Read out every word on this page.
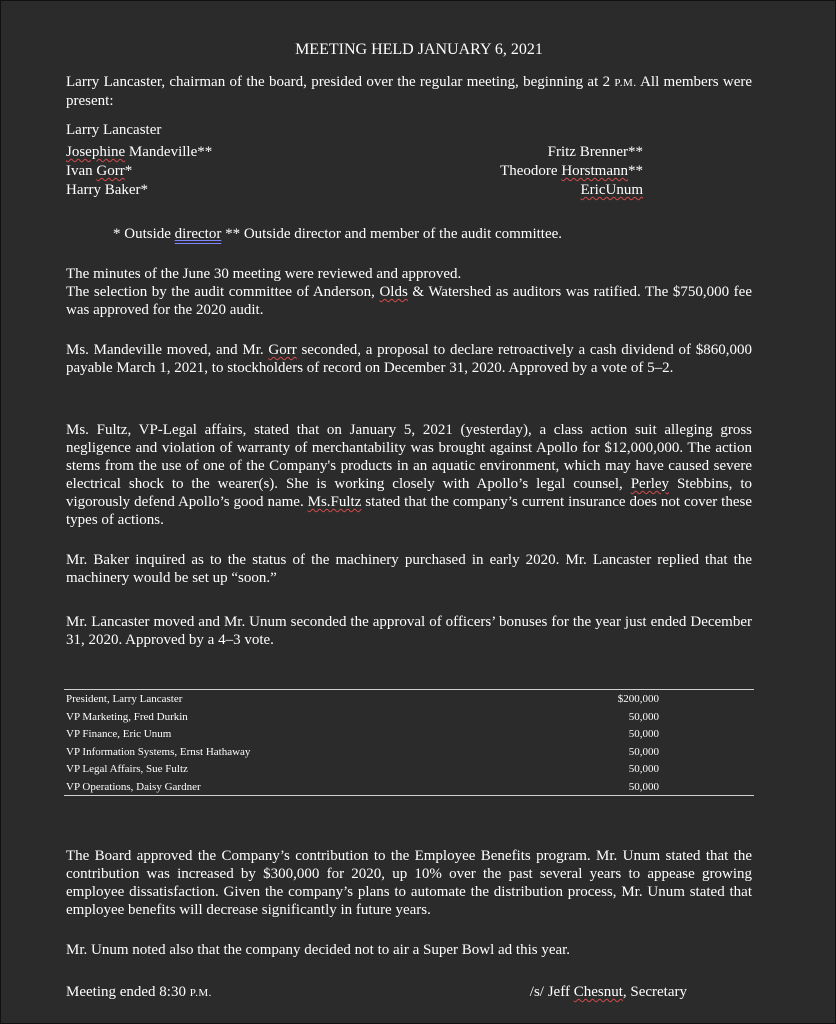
MEETING HELD JANUARY 6, 2021
Larry Lancaster, chairman of the board, presided over the regular meeting, beginning at 2 P.M. All members were present:
Larry Lancaster
Josephine Mandeville**
Ivan Gorr*
Harry Baker*
Fritz Brenner**
Theodore Horstmann**
EricUnum
* Outside director ** Outside director and member of the audit committee.
The minutes of the June 30 meeting were reviewed and approved.
The selection by the audit committee of Anderson, Olds & Watershed as auditors was ratified. The $750,000 fee was approved for the 2020 audit.
Ms. Mandeville moved, and Mr. Gorr seconded, a proposal to declare retroactively a cash dividend of $860,000 payable March 1, 2021, to stockholders of record on December 31, 2020. Approved by a vote of 5–2.
Ms. Fultz, VP-Legal affairs, stated that on January 5, 2021 (yesterday), a class action suit alleging gross negligence and violation of warranty of merchantability was brought against Apollo for $12,000,000. The action stems from the use of one of the Company's products in an aquatic environment, which may have caused severe electrical shock to the wearer(s). She is working closely with Apollo’s legal counsel, Perley Stebbins, to vigorously defend Apollo’s good name. Ms.Fultz stated that the company’s current insurance does not cover these types of actions.
Mr. Baker inquired as to the status of the machinery purchased in early 2020. Mr. Lancaster replied that the machinery would be set up “soon.”
Mr. Lancaster moved and Mr. Unum seconded the approval of officers’ bonuses for the year just ended December 31, 2020. Approved by a 4–3 vote.
President, Larry Lancaster	$200,000
VP Marketing, Fred Durkin	50,000
VP Finance, Eric Unum	50,000
VP Information Systems, Ernst Hathaway	50,000
VP Legal Affairs, Sue Fultz	50,000
VP Operations, Daisy Gardner	50,000
The Board approved the Company’s contribution to the Employee Benefits program. Mr. Unum stated that the contribution was increased by $300,000 for 2020, up 10% over the past several years to appease growing employee dissatisfaction. Given the company’s plans to automate the distribution process, Mr. Unum stated that employee benefits will decrease significantly in future years.
Mr. Unum noted also that the company decided not to air a Super Bowl ad this year.
Meeting ended 8:30 P.M.	/s/ Jeff Chesnut, Secretary
